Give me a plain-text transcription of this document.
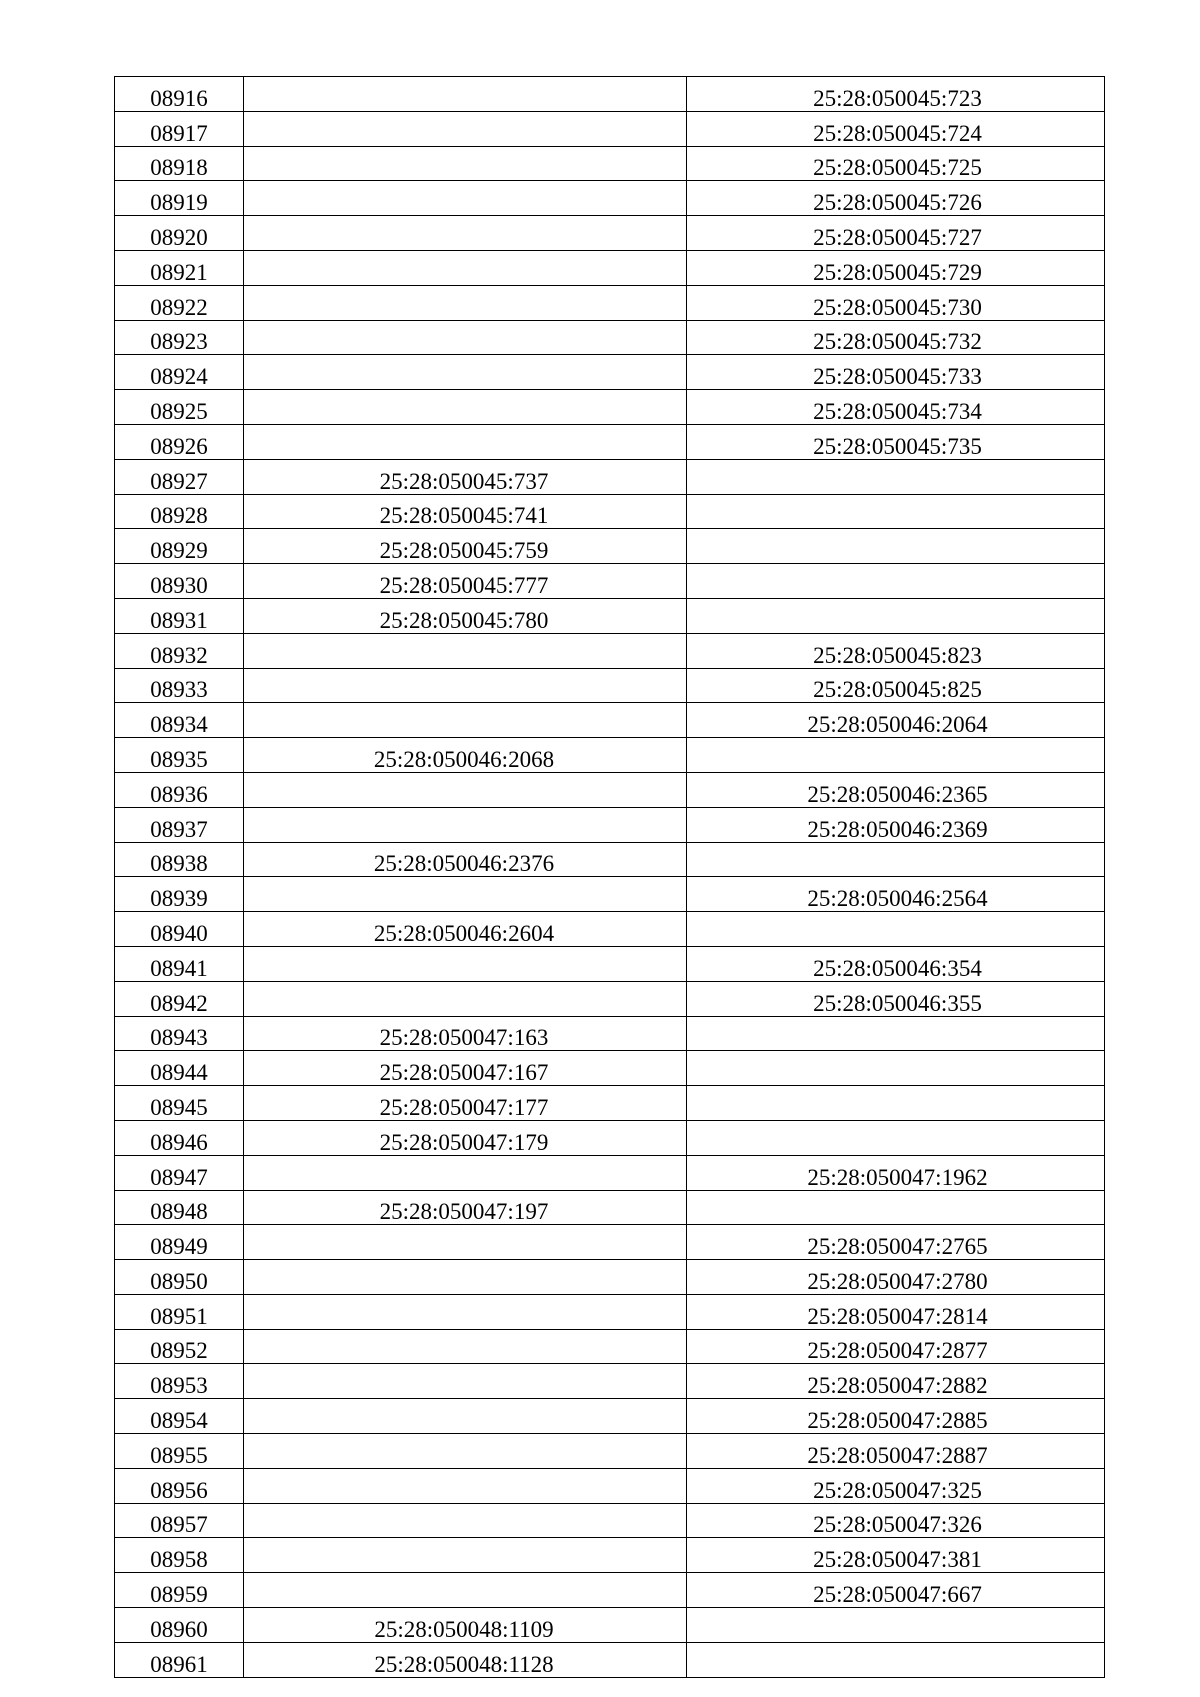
08916		25:28:050045:723
08917		25:28:050045:724
08918		25:28:050045:725
08919		25:28:050045:726
08920		25:28:050045:727
08921		25:28:050045:729
08922		25:28:050045:730
08923		25:28:050045:732
08924		25:28:050045:733
08925		25:28:050045:734
08926		25:28:050045:735
08927	25:28:050045:737	
08928	25:28:050045:741	
08929	25:28:050045:759	
08930	25:28:050045:777	
08931	25:28:050045:780	
08932		25:28:050045:823
08933		25:28:050045:825
08934		25:28:050046:2064
08935	25:28:050046:2068	
08936		25:28:050046:2365
08937		25:28:050046:2369
08938	25:28:050046:2376	
08939		25:28:050046:2564
08940	25:28:050046:2604	
08941		25:28:050046:354
08942		25:28:050046:355
08943	25:28:050047:163	
08944	25:28:050047:167	
08945	25:28:050047:177	
08946	25:28:050047:179	
08947		25:28:050047:1962
08948	25:28:050047:197	
08949		25:28:050047:2765
08950		25:28:050047:2780
08951		25:28:050047:2814
08952		25:28:050047:2877
08953		25:28:050047:2882
08954		25:28:050047:2885
08955		25:28:050047:2887
08956		25:28:050047:325
08957		25:28:050047:326
08958		25:28:050047:381
08959		25:28:050047:667
08960	25:28:050048:1109	
08961	25:28:050048:1128	
